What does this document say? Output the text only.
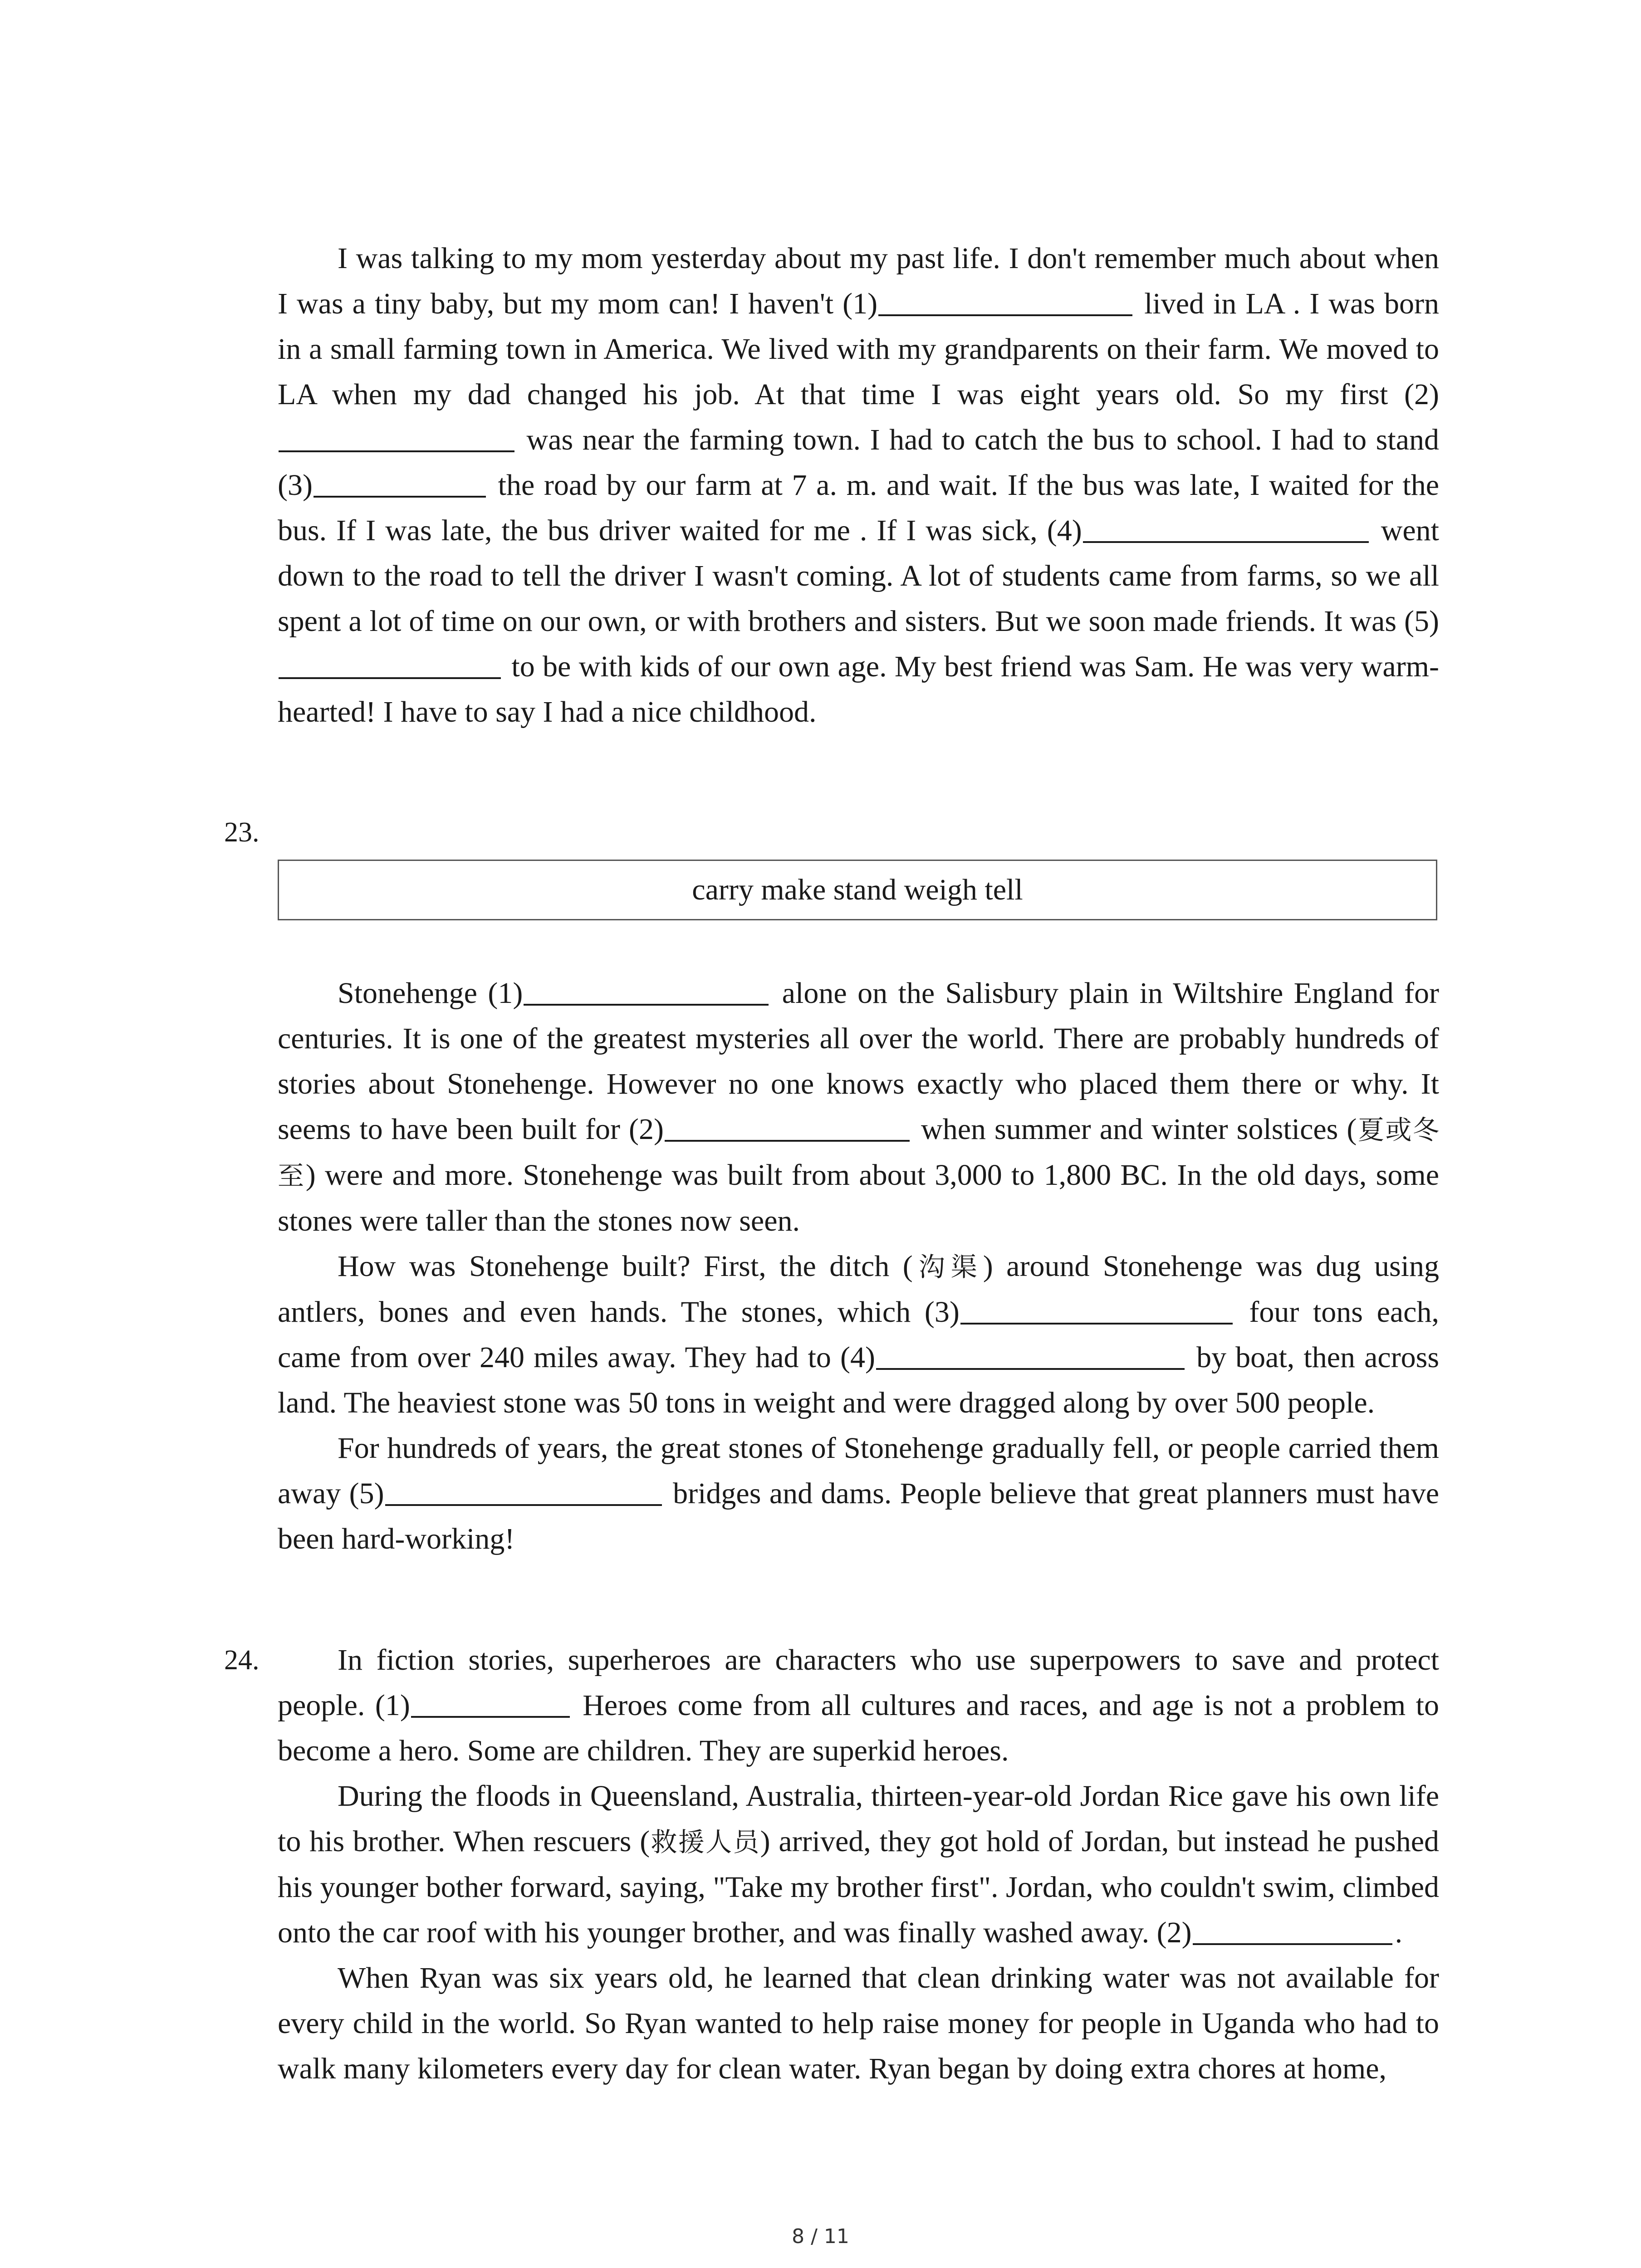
I was talking to my mom yesterday about my past life. I don't remember much about when I was a tiny baby, but my mom can! I haven't (1)	lived in LA . I was born in a small farming town in America. We lived with my grandparents on their farm. We moved to LA when my dad changed his job. At that time I was eight years old. So my first (2) was near the farming town. I had to catch the bus to school. I had to stand (3)	the road by our farm at 7 a. m. and wait. If the bus was late, I waited for the bus. If I was late, the bus driver waited for me . If I was sick, (4)	went down to the road to tell the driver I wasn't coming. A lot of students came from farms, so we all spent a lot of time on our own, or with brothers and sisters. But we soon made friends. It was (5) to be with kids of our own age. My best friend was Sam. He was very warm-hearted! I have to say I had a nice childhood.

23.
carry make stand weigh tell

Stonehenge (1)	alone on the Salisbury plain in Wiltshire England for centuries. It is one of the greatest mysteries all over the world. There are probably hundreds of stories about Stonehenge. However no one knows exactly who placed them there or why. It seems to have been built for (2)	when summer and winter solstices (夏或冬至) were and more. Stonehenge was built from about 3,000 to 1,800 BC. In the old days, some stones were taller than the stones now seen.

How was Stonehenge built? First, the ditch (沟渠) around Stonehenge was dug using antlers, bones and even hands. The stones, which (3)	four tons each, came from over 240 miles away. They had to (4)	by boat, then across land. The heaviest stone was 50 tons in weight and were dragged along by over 500 people.

For hundreds of years, the great stones of Stonehenge gradually fell, or people carried them away (5)	bridges and dams. People believe that great planners must have been hard-working!

24.	In fiction stories, superheroes are characters who use superpowers to save and protect people. (1)	Heroes come from all cultures and races, and age is not a problem to become a hero. Some are children. They are superkid heroes.

During the floods in Queensland, Australia, thirteen-year-old Jordan Rice gave his own life to his brother. When rescuers (救援人员) arrived, they got hold of Jordan, but instead he pushed his younger bother forward, saying, "Take my brother first". Jordan, who couldn't swim, climbed onto the car roof with his younger brother, and was finally washed away. (2)	.

When Ryan was six years old, he learned that clean drinking water was not available for every child in the world. So Ryan wanted to help raise money for people in Uganda who had to walk many kilometers every day for clean water. Ryan began by doing extra chores at home,

8 / 11
